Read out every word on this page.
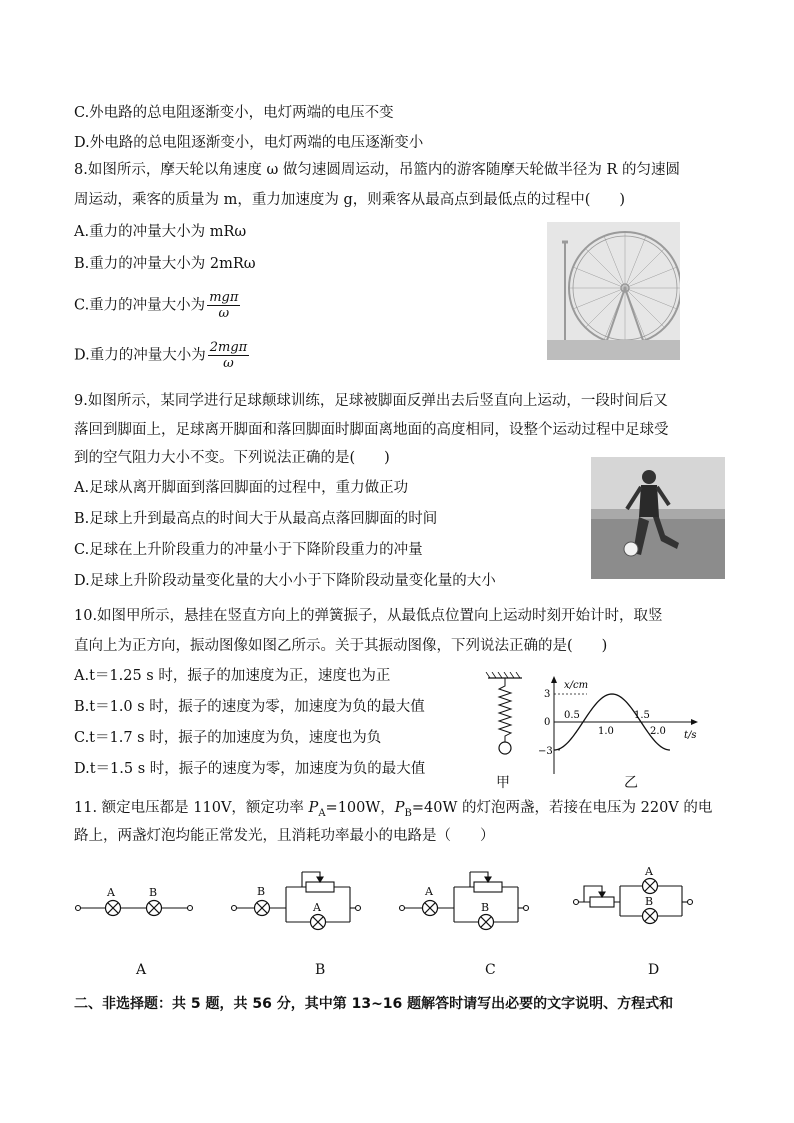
C.外电路的总电阻逐渐变小，电灯两端的电压不变
D.外电路的总电阻逐渐变小，电灯两端的电压逐渐变小
8.如图所示，摩天轮以角速度 ω 做匀速圆周运动，吊篮内的游客随摩天轮做半径为 R 的匀速圆
周运动，乘客的质量为 m，重力加速度为 g，则乘客从最高点到最低点的过程中(　　)
A.重力的冲量大小为 mRω
B.重力的冲量大小为 2mRω
C.重力的冲量大小为 $\frac{\text{mgπ}}{\omega}$
D.重力的冲量大小为 $\frac{\text{2mgπ}}{\omega}$
9.如图所示，某同学进行足球颠球训练，足球被脚面反弹出去后竖直向上运动，一段时间后又
落回到脚面上，足球离开脚面和落回脚面时脚面离地面的高度相同，设整个运动过程中足球受
到的空气阻力大小不变。下列说法正确的是(　　)
A.足球从离开脚面到落回脚面的过程中，重力做正功
B.足球上升到最高点的时间大于从最高点落回脚面的时间
C.足球在上升阶段重力的冲量小于下降阶段重力的冲量
D.足球上升阶段动量变化量的大小小于下降阶段动量变化量的大小
10.如图甲所示，悬挂在竖直方向上的弹簧振子，从最低点位置向上运动时刻开始计时，取竖
直向上为正方向，振动图像如图乙所示。关于其振动图像，下列说法正确的是(　　)
A.t＝1.25 s 时，振子的加速度为正，速度也为正
B.t＝1.0 s 时，振子的速度为零，加速度为负的最大值
C.t＝1.7 s 时，振子的加速度为负，速度也为负
D.t＝1.5 s 时，振子的速度为零，加速度为负的最大值
甲
x/cm
t/s
3
0
−3
0.5
1.0
1.5
2.0
乙
11. 额定电压都是 110V，额定功率 $P_A=100W$，$P_B=40W$ 的灯泡两盏，若接在电压为 220V 的电
路上，两盏灯泡均能正常发光，且消耗功率最小的电路是（　　）
A	B	B
A
A
B
A
B
A	B	C	D
二、非选择题：共 5 题，共 56 分，其中第 13~16 题解答时请写出必要的文字说明、方程式和
